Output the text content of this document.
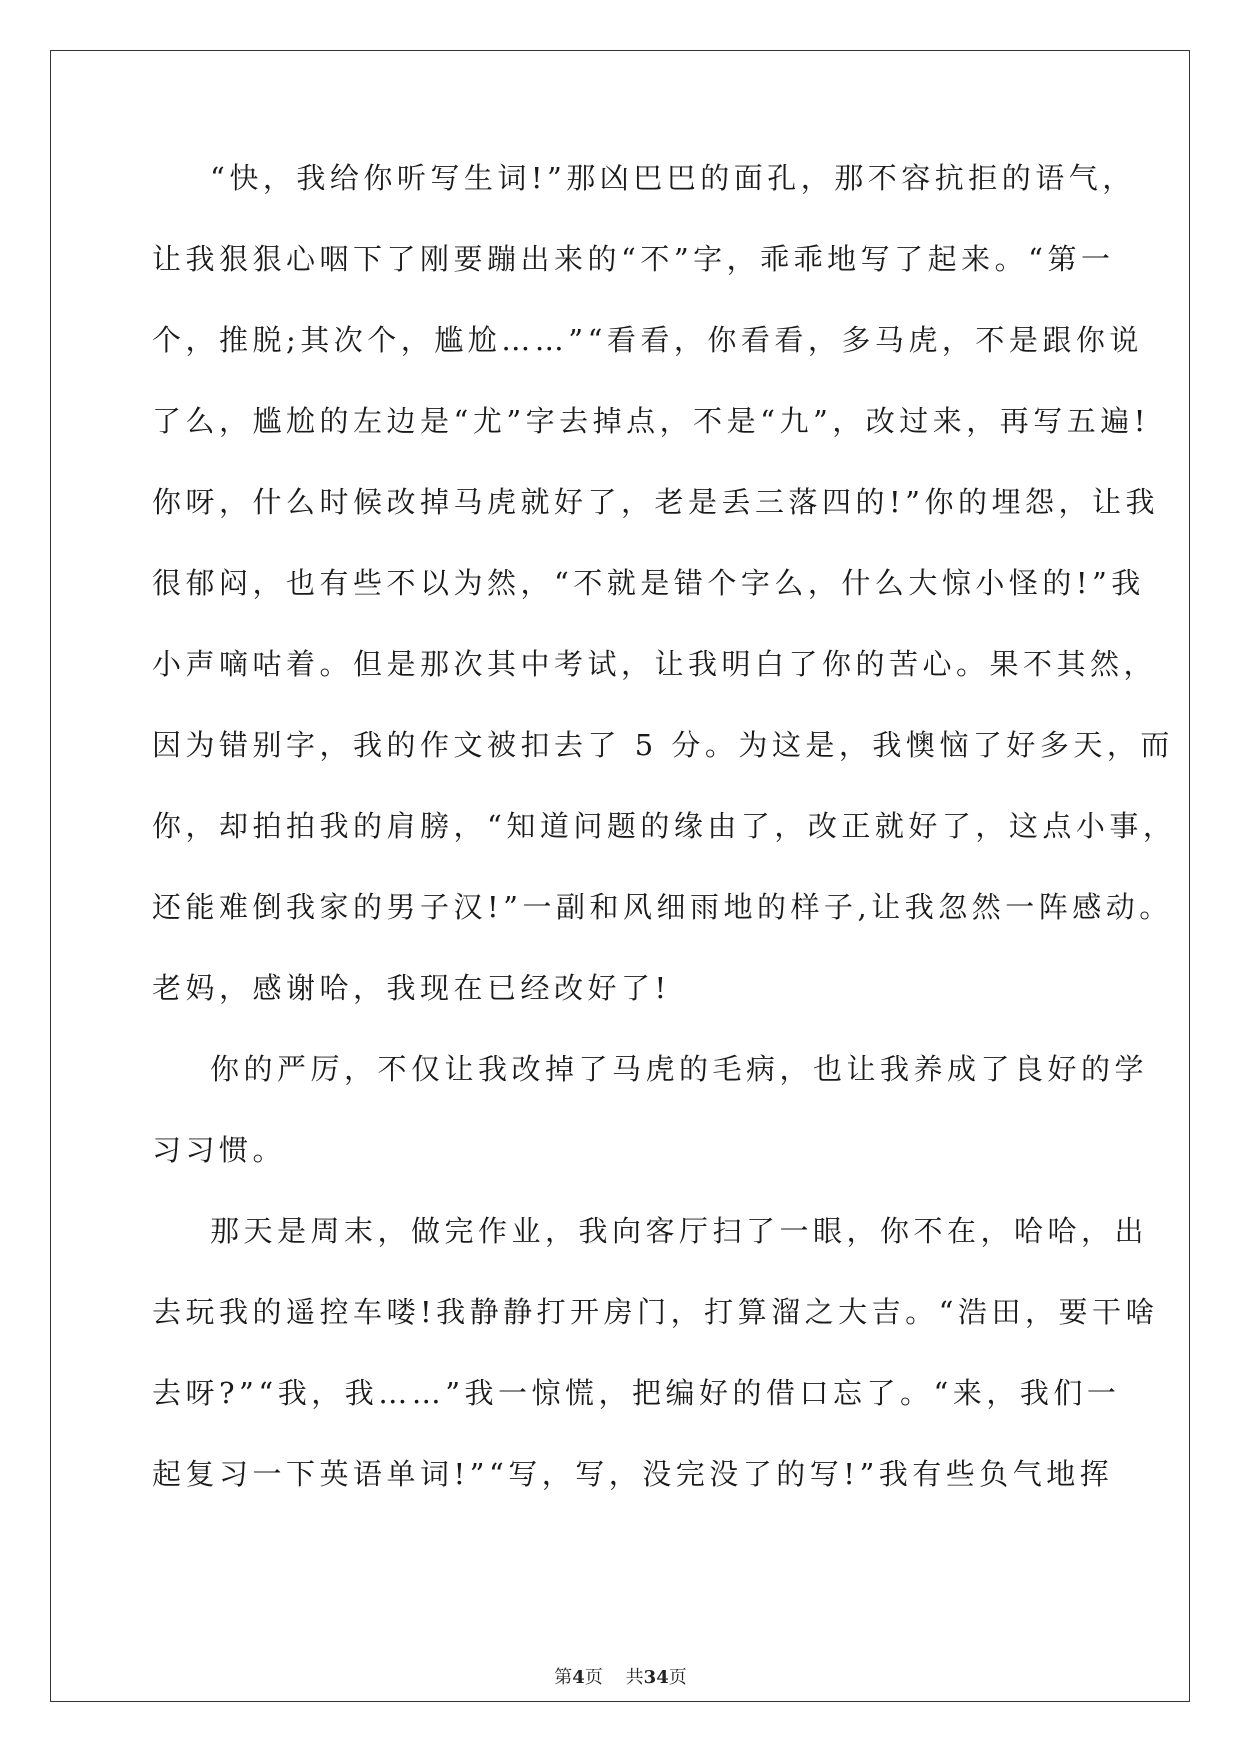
“快，我给你听写生词!”那凶巴巴的面孔，那不容抗拒的语气，
让我狠狠心咽下了刚要蹦出来的“不”字，乖乖地写了起来。“第一
个，推脱;其次个，尴尬……”“看看，你看看，多马虎，不是跟你说
了么，尴尬的左边是“尤”字去掉点，不是“九”，改过来，再写五遍!
你呀，什么时候改掉马虎就好了，老是丢三落四的!”你的埋怨，让我
很郁闷，也有些不以为然，“不就是错个字么，什么大惊小怪的!”我
小声嘀咕着。但是那次其中考试，让我明白了你的苦心。果不其然，
因为错别字，我的作文被扣去了 5 分。为这是，我懊恼了好多天，而
你，却拍拍我的肩膀，“知道问题的缘由了，改正就好了，这点小事，
还能难倒我家的男子汉!”一副和风细雨地的样子,让我忽然一阵感动。
老妈，感谢哈，我现在已经改好了!
你的严厉，不仅让我改掉了马虎的毛病，也让我养成了良好的学
习习惯。
那天是周末，做完作业，我向客厅扫了一眼，你不在，哈哈，出
去玩我的遥控车喽!我静静打开房门，打算溜之大吉。“浩田，要干啥
去呀?”“我，我……”我一惊慌，把编好的借口忘了。“来，我们一
起复习一下英语单词!”“写，写，没完没了的写!”我有些负气地挥
第4页 共34页
